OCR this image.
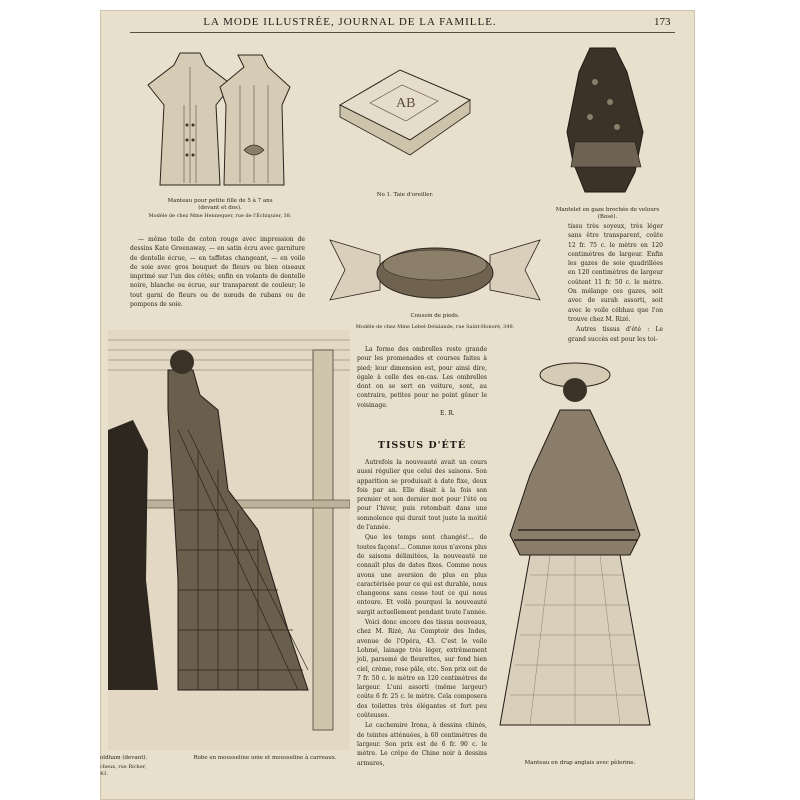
LA MODE ILLUSTRÉE, JOURNAL DE LA FAMILLE.	173
Manteau pour petite fille de 5 à 7 ans
(devant et dos).
Modèle de chez Mme Hennequer, rue de l'Échiquier, 38.
AB
No 1. Taie d'oreiller.
Mantelet en gaze brochée de velours
(Bosé).
Coussin de pieds.
Modèle de chez Mme Lebel-Delalande, rue Saint-Honoré, 349.

— même toile de coton rouge avec impression de dessins Kate Greenaway, — en satin écru avec garniture de dentelle écrue, — en taffetas changeant, — en voile de soie avec gros bouquet de fleurs ou bien oiseaux imprimé sur l'un des côtés; enfin en volants de dentelle noire, blanche ou écrue, sur transparent de couleur; le tout garni de fleurs ou de nœuds de rubans ou de pompons de soie.

tissu très soyeux, très léger sans être transparent, coûte 12 fr. 75 c. le mètre en 120 centimètres de largeur. Enfin les gazes de soie quadrillées en 120 centimètres de largeur coûtent 11 fr. 50 c. le mètre. On mélange ces gazes, soit avec de surah assorti, soit avec le voile cébhau que l'on trouve chez M. Rizé.

Autres tissus d'été : Le grand succès est pour les toi-

La forme des ombrelles reste grande pour les promenades et courses faites à pied; leur dimension est, pour ainsi dire, égale à celle des en-cas. Les ombrelles dont on se sert en voiture, sont, au contraire, petites pour ne point gêner le voisinage.

E. R.
TISSUS D'ÉTÉ

Autrefois la nouveauté avait un cours aussi régulier que celui des saisons. Son apparition se produisait à date fixe, deux fois par an. Elle disait à la fois son premier et son dernier mot pour l'été ou pour l'hiver, puis retombait dans une somnolence qui durait tout juste la moitié de l'année.

Que les temps sont changés!... de toutes façons!... Comme nous n'avons plus de saisons délimitées, la nouveauté ne connaît plus de dates fixes. Comme nous avons une aversion de plus en plus caractérisée pour ce qui est durable, nous changeons sans cesse tout ce qui nous entoure. Et voilà pourquoi la nouveauté surgit actuellement pendant toute l'année.

Voici donc encore des tissus nouveaux, chez M. Rizé, Au Comptoir des Indes, avenue de l'Opéra, 43. C'est le voile Lohmé, lainage très léger, extrêmement joli, parsemé de fleurettes, sur fond bien ciel, crème, rose pâle, etc. Son prix est de 7 fr. 50 c. le mètre en 120 centimètres de largeur. L'uni assorti (même largeur) coûte 6 fr. 25 c. le mètre. Cela composera des toilettes très élégantes et fort peu coûteuses.

Le cachemire Irona, à dessins chinés, de teintes atténuées, à 60 centimètres de largeur. Son prix est de 6 fr. 90 c. le mètre. Le crêpe de Chine noir à dessins armures,

oldham (devant).
cheux, rue Richer, 43.
Robe en mousseline unie et mousseline à carreaux.
Manteau en drap anglais avec pèlerine.
